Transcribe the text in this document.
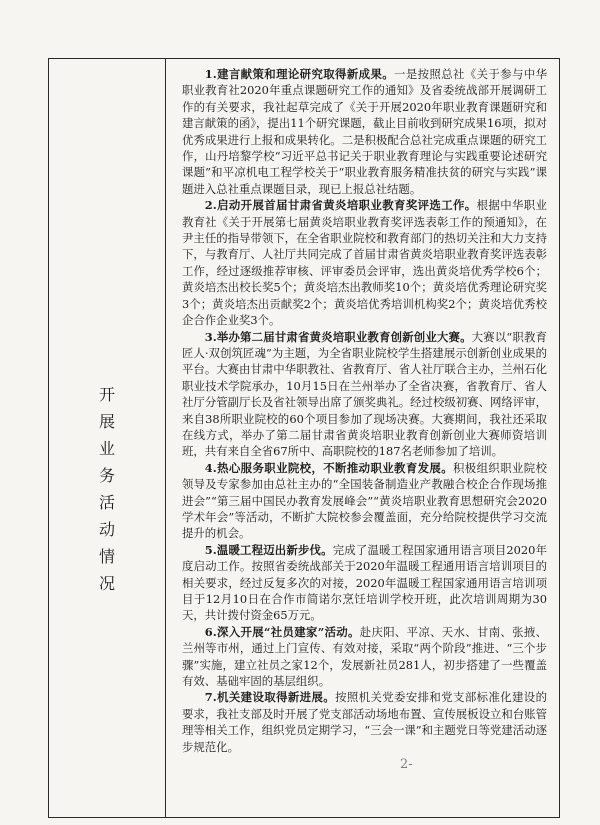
开展业务活动情况

1.建言献策和理论研究取得新成果。一是按照总社《关于参与中华职业教育社2020年重点课题研究工作的通知》及省委统战部开展调研工作的有关要求，我社起草完成了《关于开展2020年职业教育课题研究和建言献策的函》，提出11个研究课题，截止目前收到研究成果16项，拟对优秀成果进行上报和成果转化。二是积极配合总社完成重点课题的研究工作，山丹培黎学校“习近平总书记关于职业教育理论与实践重要论述研究课题”和平凉机电工程学校关于“职业教育服务精准扶贫的研究与实践”课题进入总社重点课题目录，现已上报总社结题。

2.启动开展首届甘肃省黄炎培职业教育奖评选工作。根据中华职业教育社《关于开展第七届黄炎培职业教育奖评选表彰工作的预通知》，在尹主任的指导带领下，在全省职业院校和教育部门的热切关注和大力支持下，与教育厅、人社厅共同完成了首届甘肃省黄炎培职业教育奖评选表彰工作，经过逐级推荐审核、评审委员会评审，选出黄炎培优秀学校6个；黄炎培杰出校长奖5个；黄炎培杰出教师奖10个；黄炎培优秀理论研究奖3个；黄炎培杰出贡献奖2个；黄炎培优秀培训机构奖2个；黄炎培优秀校企合作企业奖3个。

3.举办第二届甘肃省黄炎培职业教育创新创业大赛。大赛以“职教育匠人·双创筑匠魂”为主题，为全省职业院校学生搭建展示创新创业成果的平台。大赛由甘肃中华职教社、省教育厅、省人社厅联合主办，兰州石化职业技术学院承办，10月15日在兰州举办了全省决赛，省教育厅、省人社厅分管副厅长及省社领导出席了颁奖典礼。经过校级初赛、网络评审，来自38所职业院校的60个项目参加了现场决赛。大赛期间，我社还采取在线方式，举办了第二届甘肃省黄炎培职业教育创新创业大赛师资培训班，共有来自全省67所中、高职院校的187名老师参加了培训。

4.热心服务职业院校，不断推动职业教育发展。积极组织职业院校领导及专家参加由总社主办的“全国装备制造业产教融合校企合作现场推进会”“第三届中国民办教育发展峰会”“黄炎培职业教育思想研究会2020学术年会”等活动，不断扩大院校参会覆盖面，充分给院校提供学习交流提升的机会。

5.温暖工程迈出新步伐。完成了温暖工程国家通用语言项目2020年度启动工作。按照省委统战部关于2020年温暖工程通用语言培训项目的相关要求，经过反复多次的对接，2020年温暖工程国家通用语言培训项目于12月10日在合作市简诺尔烹饪培训学校开班，此次培训周期为30天，共计拨付资金65万元。

6.深入开展“社员建家”活动。赴庆阳、平凉、天水、甘南、张掖、兰州等市州，通过上门宣传、有效对接，采取“两个阶段”推进、“三个步骤”实施，建立社员之家12个，发展新社员281人，初步搭建了一些覆盖有效、基础牢固的基层组织。

7.机关建设取得新进展。按照机关党委安排和党支部标准化建设的要求，我社支部及时开展了党支部活动场地布置、宣传展板设立和台账管理等相关工作，组织党员定期学习，“三会一课”和主题党日等党建活动逐步规范化。

2-
